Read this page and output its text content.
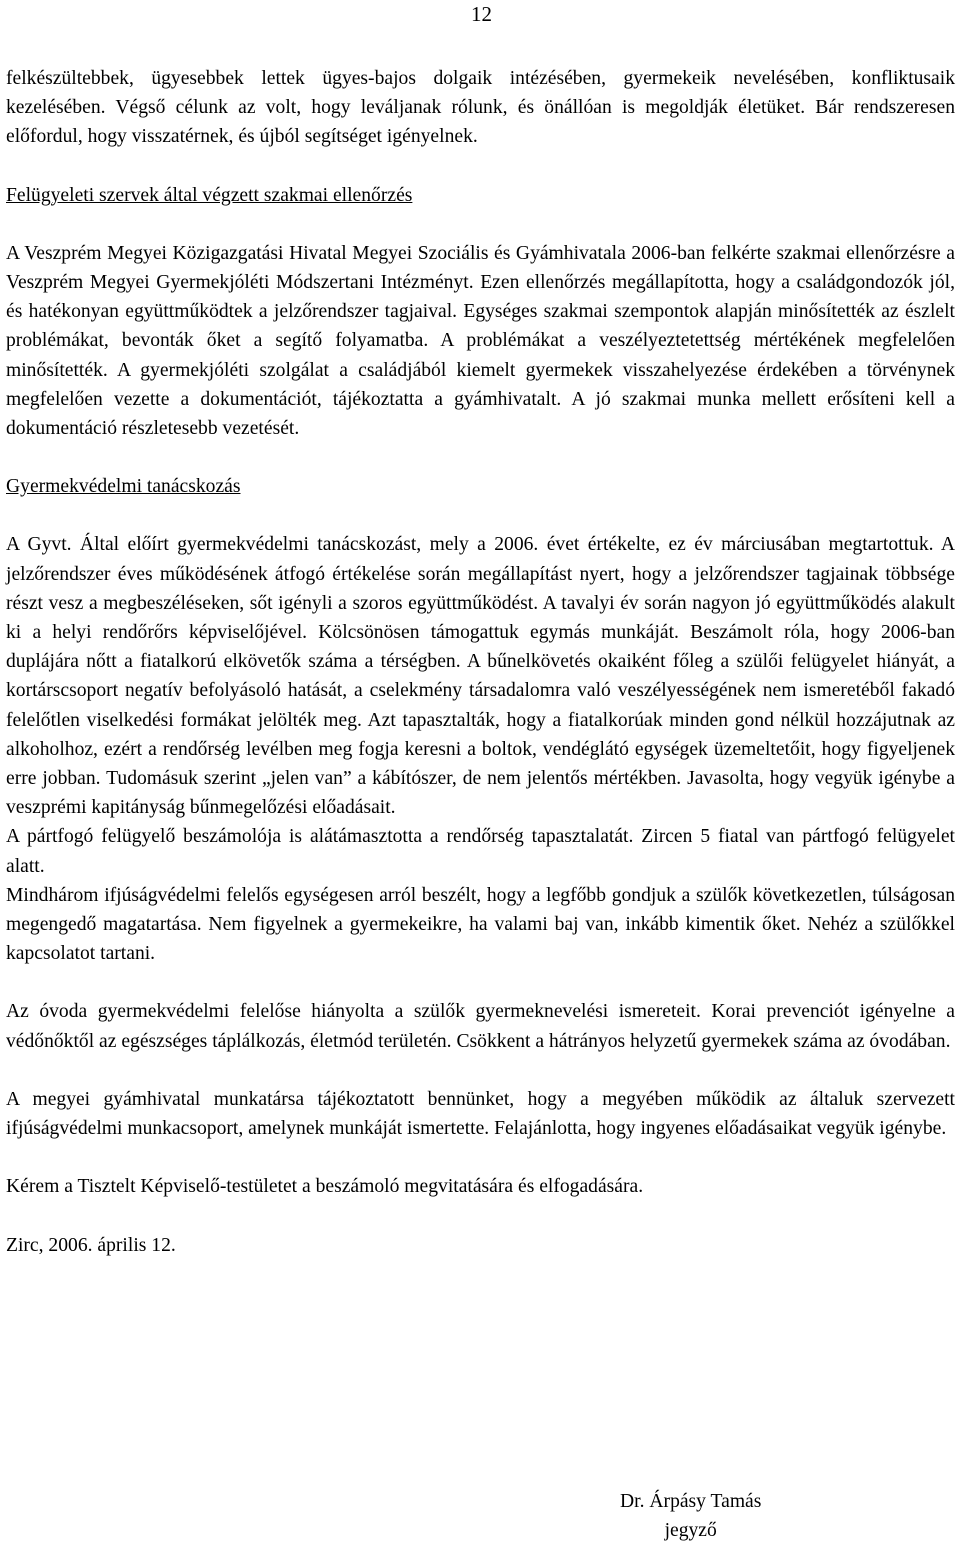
12

felkészültebbek, ügyesebbek lettek ügyes-bajos dolgaik intézésében, gyermekeik nevelésében, konfliktusaik kezelésében. Végső célunk az volt, hogy leváljanak rólunk, és önállóan is megoldják életüket. Bár rendszeresen előfordul, hogy visszatérnek, és újból segítséget igényelnek.

Felügyeleti szervek által végzett szakmai ellenőrzés

A Veszprém Megyei Közigazgatási Hivatal Megyei Szociális és Gyámhivatala 2006-ban felkérte szakmai ellenőrzésre a Veszprém Megyei Gyermekjóléti Módszertani Intézményt. Ezen ellenőrzés megállapította, hogy a családgondozók jól, és hatékonyan együttműködtek a jelzőrendszer tagjaival. Egységes szakmai szempontok alapján minősítették az észlelt problémákat, bevonták őket a segítő folyamatba. A problémákat a veszélyeztetettség mértékének megfelelően minősítették. A gyermekjóléti szolgálat a családjából kiemelt gyermekek visszahelyezése érdekében a törvénynek megfelelően vezette a dokumentációt, tájékoztatta a gyámhivatalt. A jó szakmai munka mellett erősíteni kell a dokumentáció részletesebb vezetését.

Gyermekvédelmi tanácskozás

A Gyvt. Által előírt gyermekvédelmi tanácskozást, mely a 2006. évet értékelte, ez év márciusában megtartottuk. A jelzőrendszer éves működésének átfogó értékelése során megállapítást nyert, hogy a jelzőrendszer tagjainak többsége részt vesz a megbeszéléseken, sőt igényli a szoros együttműködést. A tavalyi év során nagyon jó együttműködés alakult ki a helyi rendőrőrs képviselőjével. Kölcsönösen támogattuk egymás munkáját. Beszámolt róla, hogy 2006-ban duplájára nőtt a fiatalkorú elkövetők száma a térségben. A bűnelkövetés okaiként főleg a szülői felügyelet hiányát, a kortárscsoport negatív befolyásoló hatását, a cselekmény társadalomra való veszélyességének nem ismeretéből fakadó felelőtlen viselkedési formákat jelölték meg. Azt tapasztalták, hogy a fiatalkorúak minden gond nélkül hozzájutnak az alkoholhoz, ezért a rendőrség levélben meg fogja keresni a boltok, vendéglátó egységek üzemeltetőit, hogy figyeljenek erre jobban. Tudomásuk szerint „jelen van” a kábítószer, de nem jelentős mértékben. Javasolta, hogy vegyük igénybe a veszprémi kapitányság bűnmegelőzési előadásait.

A pártfogó felügyelő beszámolója is alátámasztotta a rendőrség tapasztalatát. Zircen 5 fiatal van pártfogó felügyelet alatt.

Mindhárom ifjúságvédelmi felelős egységesen arról beszélt, hogy a legfőbb gondjuk a szülők következetlen, túlságosan megengedő magatartása. Nem figyelnek a gyermekeikre, ha valami baj van, inkább kimentik őket. Nehéz a szülőkkel kapcsolatot tartani.

Az óvoda gyermekvédelmi felelőse hiányolta a szülők gyermeknevelési ismereteit. Korai prevenciót igényelne a védőnőktől az egészséges táplálkozás, életmód területén. Csökkent a hátrányos helyzetű gyermekek száma az óvodában.

A megyei gyámhivatal munkatársa tájékoztatott bennünket, hogy a megyében működik az általuk szervezett ifjúságvédelmi munkacsoport, amelynek munkáját ismertette. Felajánlotta, hogy ingyenes előadásaikat vegyük igénybe.

Kérem a Tisztelt Képviselő-testületet a beszámoló megvitatására és elfogadására.

Zirc, 2006. április 12.

Dr. Árpásy Tamás
jegyző
